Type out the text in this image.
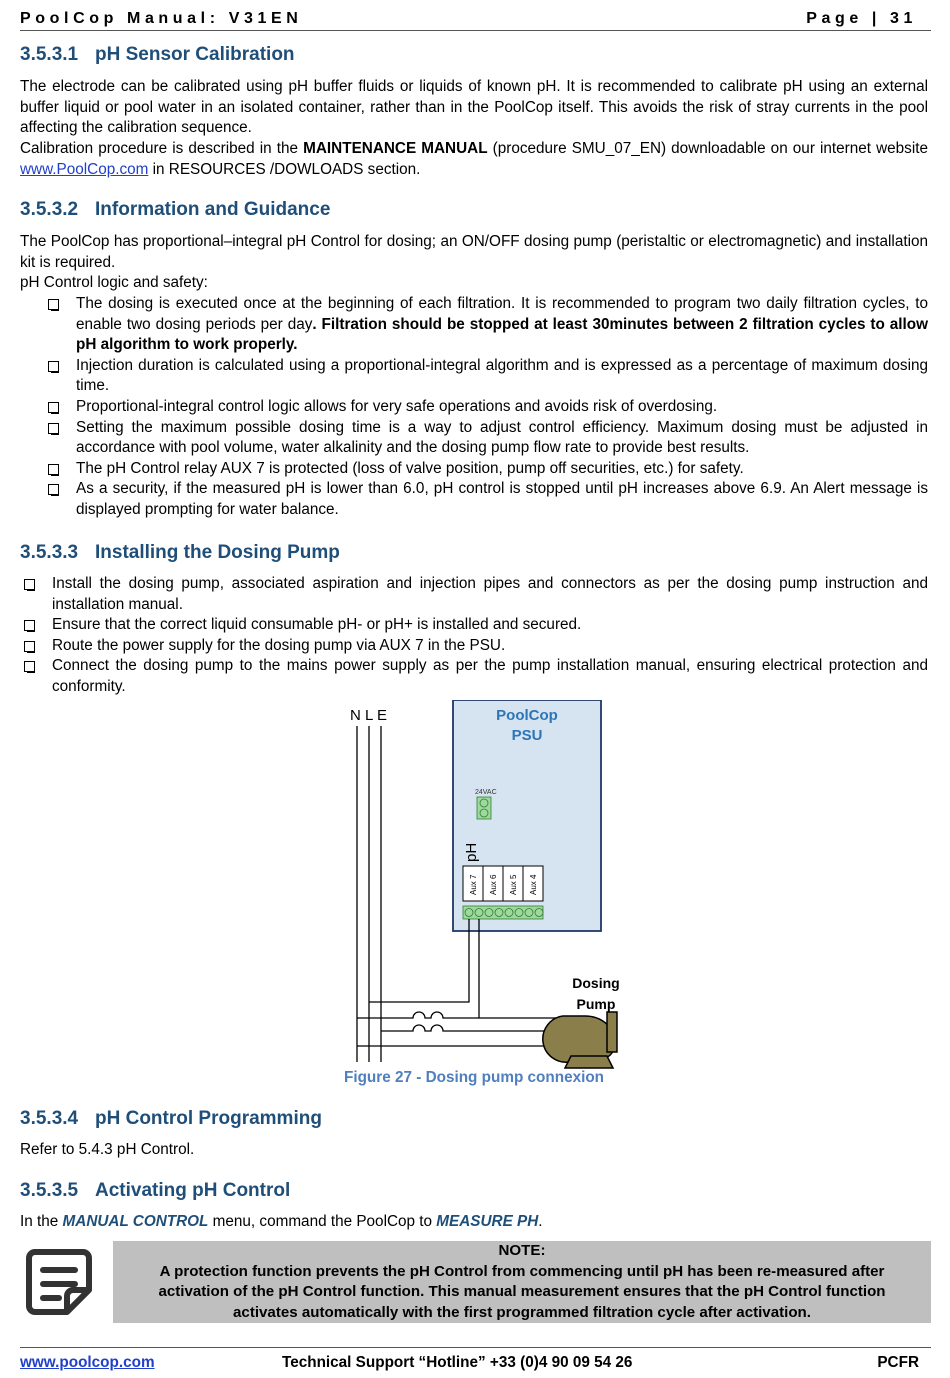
PoolCop Manual: V31EN	Page | 31
3.5.3.1 pH Sensor Calibration

The electrode can be calibrated using pH buffer fluids or liquids of known pH. It is recommended to calibrate pH using an external buffer liquid or pool water in an isolated container, rather than in the PoolCop itself. This avoids the risk of stray currents in the pool affecting the calibration sequence.

Calibration procedure is described in the MAINTENANCE MANUAL (procedure SMU_07_EN) downloadable on our internet website www.PoolCop.com in RESOURCES /DOWLOADS section.

3.5.3.2 Information and Guidance

The PoolCop has proportional–integral pH Control for dosing; an ON/OFF dosing pump (peristaltic or electromagnetic) and installation kit is required.

pH Control logic and safety:

The dosing is executed once at the beginning of each filtration. It is recommended to program two daily filtration cycles, to enable two dosing periods per day. Filtration should be stopped at least 30minutes between 2 filtration cycles to allow pH algorithm to work properly.
Injection duration is calculated using a proportional-integral algorithm and is expressed as a percentage of maximum dosing time.
Proportional-integral control logic allows for very safe operations and avoids risk of overdosing.
Setting the maximum possible dosing time is a way to adjust control efficiency. Maximum dosing must be adjusted in accordance with pool volume, water alkalinity and the dosing pump flow rate to provide best results.
The pH Control relay AUX 7 is protected (loss of valve position, pump off securities, etc.) for safety.
As a security, if the measured pH is lower than 6.0, pH control is stopped until pH increases above 6.9. An Alert message is displayed prompting for water balance.
3.5.3.3 Installing the Dosing Pump
Install the dosing pump, associated aspiration and injection pipes and connectors as per the dosing pump instruction and installation manual.
Ensure that the correct liquid consumable pH- or pH+ is installed and secured.
Route the power supply for the dosing pump via AUX 7 in the PSU.
Connect the dosing pump to the mains power supply as per the pump installation manual, ensuring electrical protection and conformity.
N L E	PoolCop
PSU
24VAC
pH
Aux 7 Aux 6 Aux 5 Aux 4
Dosing
Pump
Figure 27 - Dosing pump connexion
3.5.3.4 pH Control Programming

Refer to 5.4.3 pH Control.

3.5.3.5 Activating pH Control

In the MANUAL CONTROL menu, command the PoolCop to MEASURE PH.

NOTE:
A protection function prevents the pH Control from commencing until pH has been re-measured after activation of the pH Control function. This manual measurement ensures that the pH Control function activates automatically with the first programmed filtration cycle after activation.
www.poolcop.com	Technical Support “Hotline” +33 (0)4 90 09 54 26	PCFR
